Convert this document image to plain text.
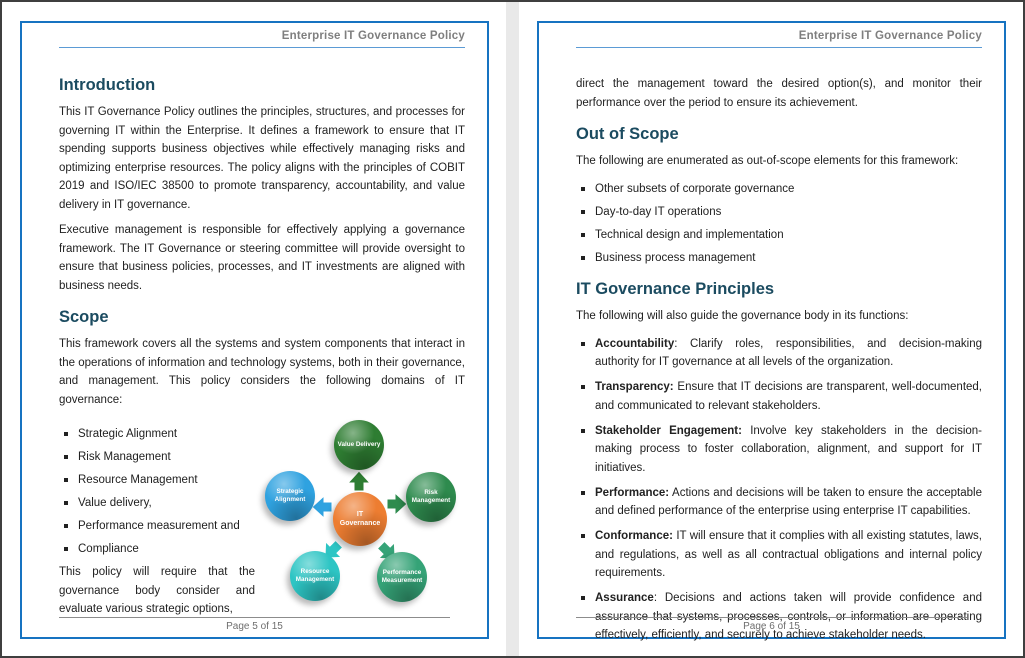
Enterprise IT Governance Policy
Introduction

This IT Governance Policy outlines the principles, structures, and processes for governing IT within the Enterprise. It defines a framework to ensure that IT spending supports business objectives while effectively managing risks and optimizing enterprise resources. The policy aligns with the principles of COBIT 2019 and ISO/IEC 38500 to promote transparency, accountability, and value delivery in IT governance.

Executive management is responsible for effectively applying a governance framework. The IT Governance or steering committee will provide oversight to ensure that business policies, processes, and IT investments are aligned with business needs.

Scope

This framework covers all the systems and system components that interact in the operations of information and technology systems, both in their governance, and management. This policy considers the following domains of IT governance:

Strategic Alignment
Risk Management
Resource Management
Value delivery,
Performance measurement and
Compliance

This policy will require that the governance body consider and evaluate various strategic options,

Value Delivery
Risk Management
Performance Measurement
Resource Management
Strategic Alignment
IT Governance
Page 5 of 15
Enterprise IT Governance Policy

direct the management toward the desired option(s), and monitor their performance over the period to ensure its achievement.

Out of Scope

The following are enumerated as out-of-scope elements for this framework:

Other subsets of corporate governance
Day-to-day IT operations
Technical design and implementation
Business process management
IT Governance Principles

The following will also guide the governance body in its functions:

Accountability: Clarify roles, responsibilities, and decision-making authority for IT governance at all levels of the organization.
Transparency: Ensure that IT decisions are transparent, well-documented, and communicated to relevant stakeholders.
Stakeholder Engagement: Involve key stakeholders in the decision-making process to foster collaboration, alignment, and support for IT initiatives.
Performance: Actions and decisions will be taken to ensure the acceptable and defined performance of the enterprise using enterprise IT capabilities.
Conformance: IT will ensure that it complies with all existing statutes, laws, and regulations, as well as all contractual obligations and internal policy requirements.
Assurance: Decisions and actions taken will provide confidence and assurance that systems, processes, controls, or information are operating effectively, efficiently, and securely to achieve stakeholder needs.
Page 6 of 15
